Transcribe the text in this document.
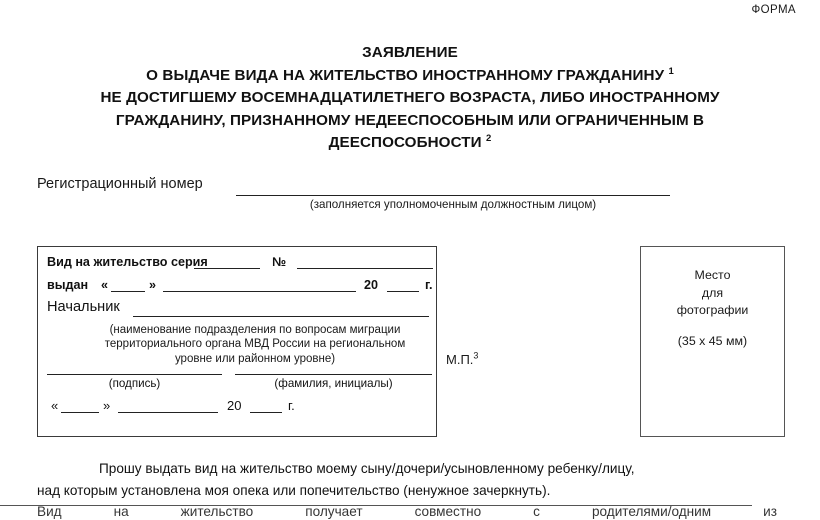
ФОРМА
ЗАЯВЛЕНИЕ
О ВЫДАЧЕ ВИДА НА ЖИТЕЛЬСТВО ИНОСТРАННОМУ ГРАЖДАНИНУ $^1$
НЕ ДОСТИГШЕМУ ВОСЕМНАДЦАТИЛЕТНЕГО ВОЗРАСТА, ЛИБО ИНОСТРАННОМУ
ГРАЖДАНИНУ, ПРИЗНАННОМУ НЕДЕЕСПОСОБНЫМ ИЛИ ОГРАНИЧЕННЫМ В
ДЕЕСПОСОБНОСТИ $^2$
Регистрационный номер
(заполняется уполномоченным должностным лицом)
Вид на жительство серия	№
выдан «	»	20	г.
Начальник
(наименование подразделения по вопросам миграции
территориального органа МВД России на региональном
уровне или районном уровне)
(подпись)	(фамилия, инициалы)
«	»	20	г.
М.П.$^3$
Место
для
фотографии
(35 х 45 мм)
Прошу выдать вид на жительство моему сыну/дочери/усыновленному ребенку/лицу,
над которым установлена моя опека или попечительство (ненужное зачеркнуть).
Вид	на	жительство	получает	совместно	с	родителями/одним	из
